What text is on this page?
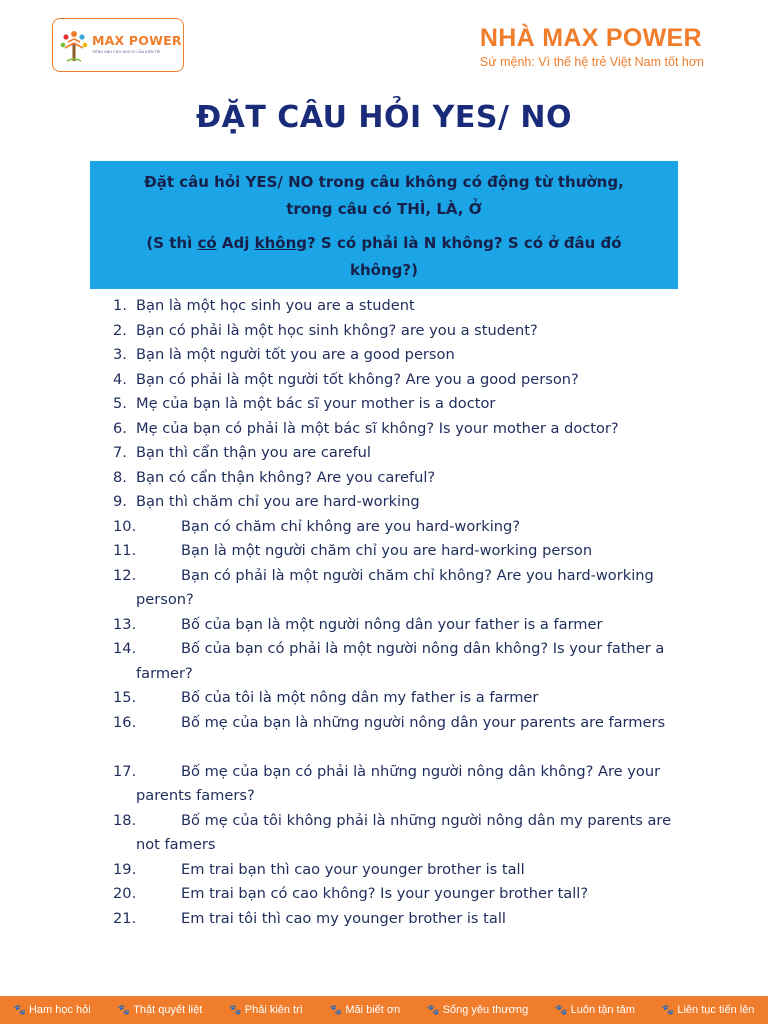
MAX POWER
TIẾNG ANH CHO NGƯỜI CẦN KIÊN TRÌ	NHÀ MAX POWER
Sứ mệnh: Vì thế hệ trẻ Việt Nam tốt hơn
ĐẶT CÂU HỎI YES/ NO
Đặt câu hỏi YES/ NO trong câu không có động từ thường,
trong câu có THÌ, LÀ, Ở
(S thì có Adj không? S có phải là N không? S có ở đâu đó
không?)
1. Bạn là một học sinh you are a student
2. Bạn có phải là một học sinh không? are you a student?
3. Bạn là một người tốt you are a good person
4. Bạn có phải là một người tốt không? Are you a good person?
5. Mẹ của bạn là một bác sĩ your mother is a doctor
6. Mẹ của bạn có phải là một bác sĩ không? Is your mother a doctor?
7. Bạn thì cẩn thận you are careful
8. Bạn có cẩn thận không? Are you careful?
9. Bạn thì chăm chỉ you are hard-working
10.	Bạn có chăm chỉ không are you hard-working?
11.	Bạn là một người chăm chỉ you are hard-working person
12.	Bạn có phải là một người chăm chỉ không? Are you hard-working person?
13.	Bố của bạn là một người nông dân your father is a farmer
14.	Bố của bạn có phải là một người nông dân không? Is your father a farmer?
15.	Bố của tôi là một nông dân my father is a farmer
16.	Bố mẹ của bạn là những người nông dân your parents are farmers
17.	Bố mẹ của bạn có phải là những người nông dân không? Are your parents famers?
18.	Bố mẹ của tôi không phải là những người nông dân my parents are not famers
19.	Em trai bạn thì cao your younger brother is tall
20.	Em trai bạn có cao không? Is your younger brother tall?
21.	Em trai tôi thì cao my younger brother is tall
🐾 Ham học hỏi	🐾 Thật quyết liệt	🐾 Phải kiên trì	🐾 Mãi biết ơn	🐾 Sống yêu thương	🐾 Luôn tận tâm	🐾 Liên tục tiến lên
